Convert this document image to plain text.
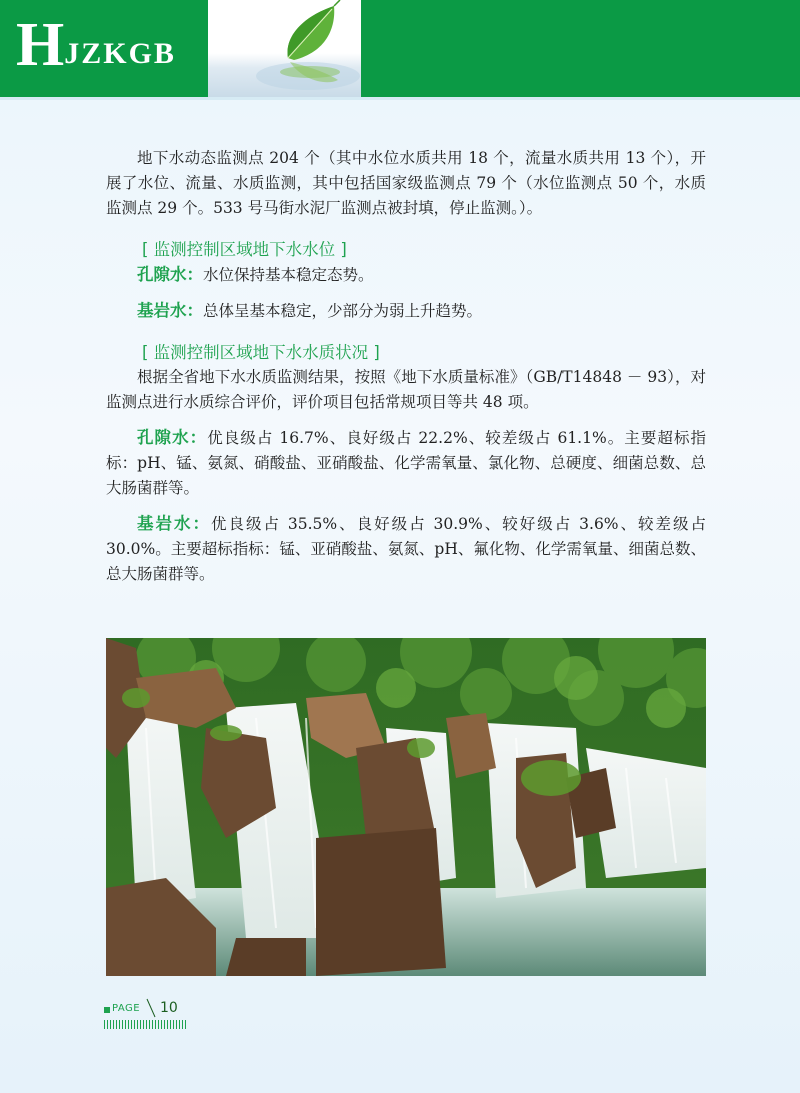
HJZKGB

地下水动态监测点 204 个（其中水位水质共用 18 个，流量水质共用 13 个），开展了水位、流量、水质监测，其中包括国家级监测点 79 个（水位监测点 50 个，水质监测点 29 个。533 号马街水泥厂监测点被封填，停止监测。）。

[ 监测控制区域地下水水位 ]

孔隙水：水位保持基本稳定态势。

基岩水：总体呈基本稳定，少部分为弱上升趋势。

[ 监测控制区域地下水水质状况 ]

根据全省地下水水质监测结果，按照《地下水质量标准》（GB/T14848 － 93），对监测点进行水质综合评价，评价项目包括常规项目等共 48 项。

孔隙水：优良级占 16.7%、良好级占 22.2%、较差级占 61.1%。主要超标指标：pH、锰、氨氮、硝酸盐、亚硝酸盐、化学需氧量、氯化物、总硬度、细菌总数、总大肠菌群等。

基岩水：优良级占 35.5%、良好级占 30.9%、较好级占 3.6%、较差级占 30.0%。主要超标指标：锰、亚硝酸盐、氨氮、pH、氟化物、化学需氧量、细菌总数、总大肠菌群等。

PAGE 10
